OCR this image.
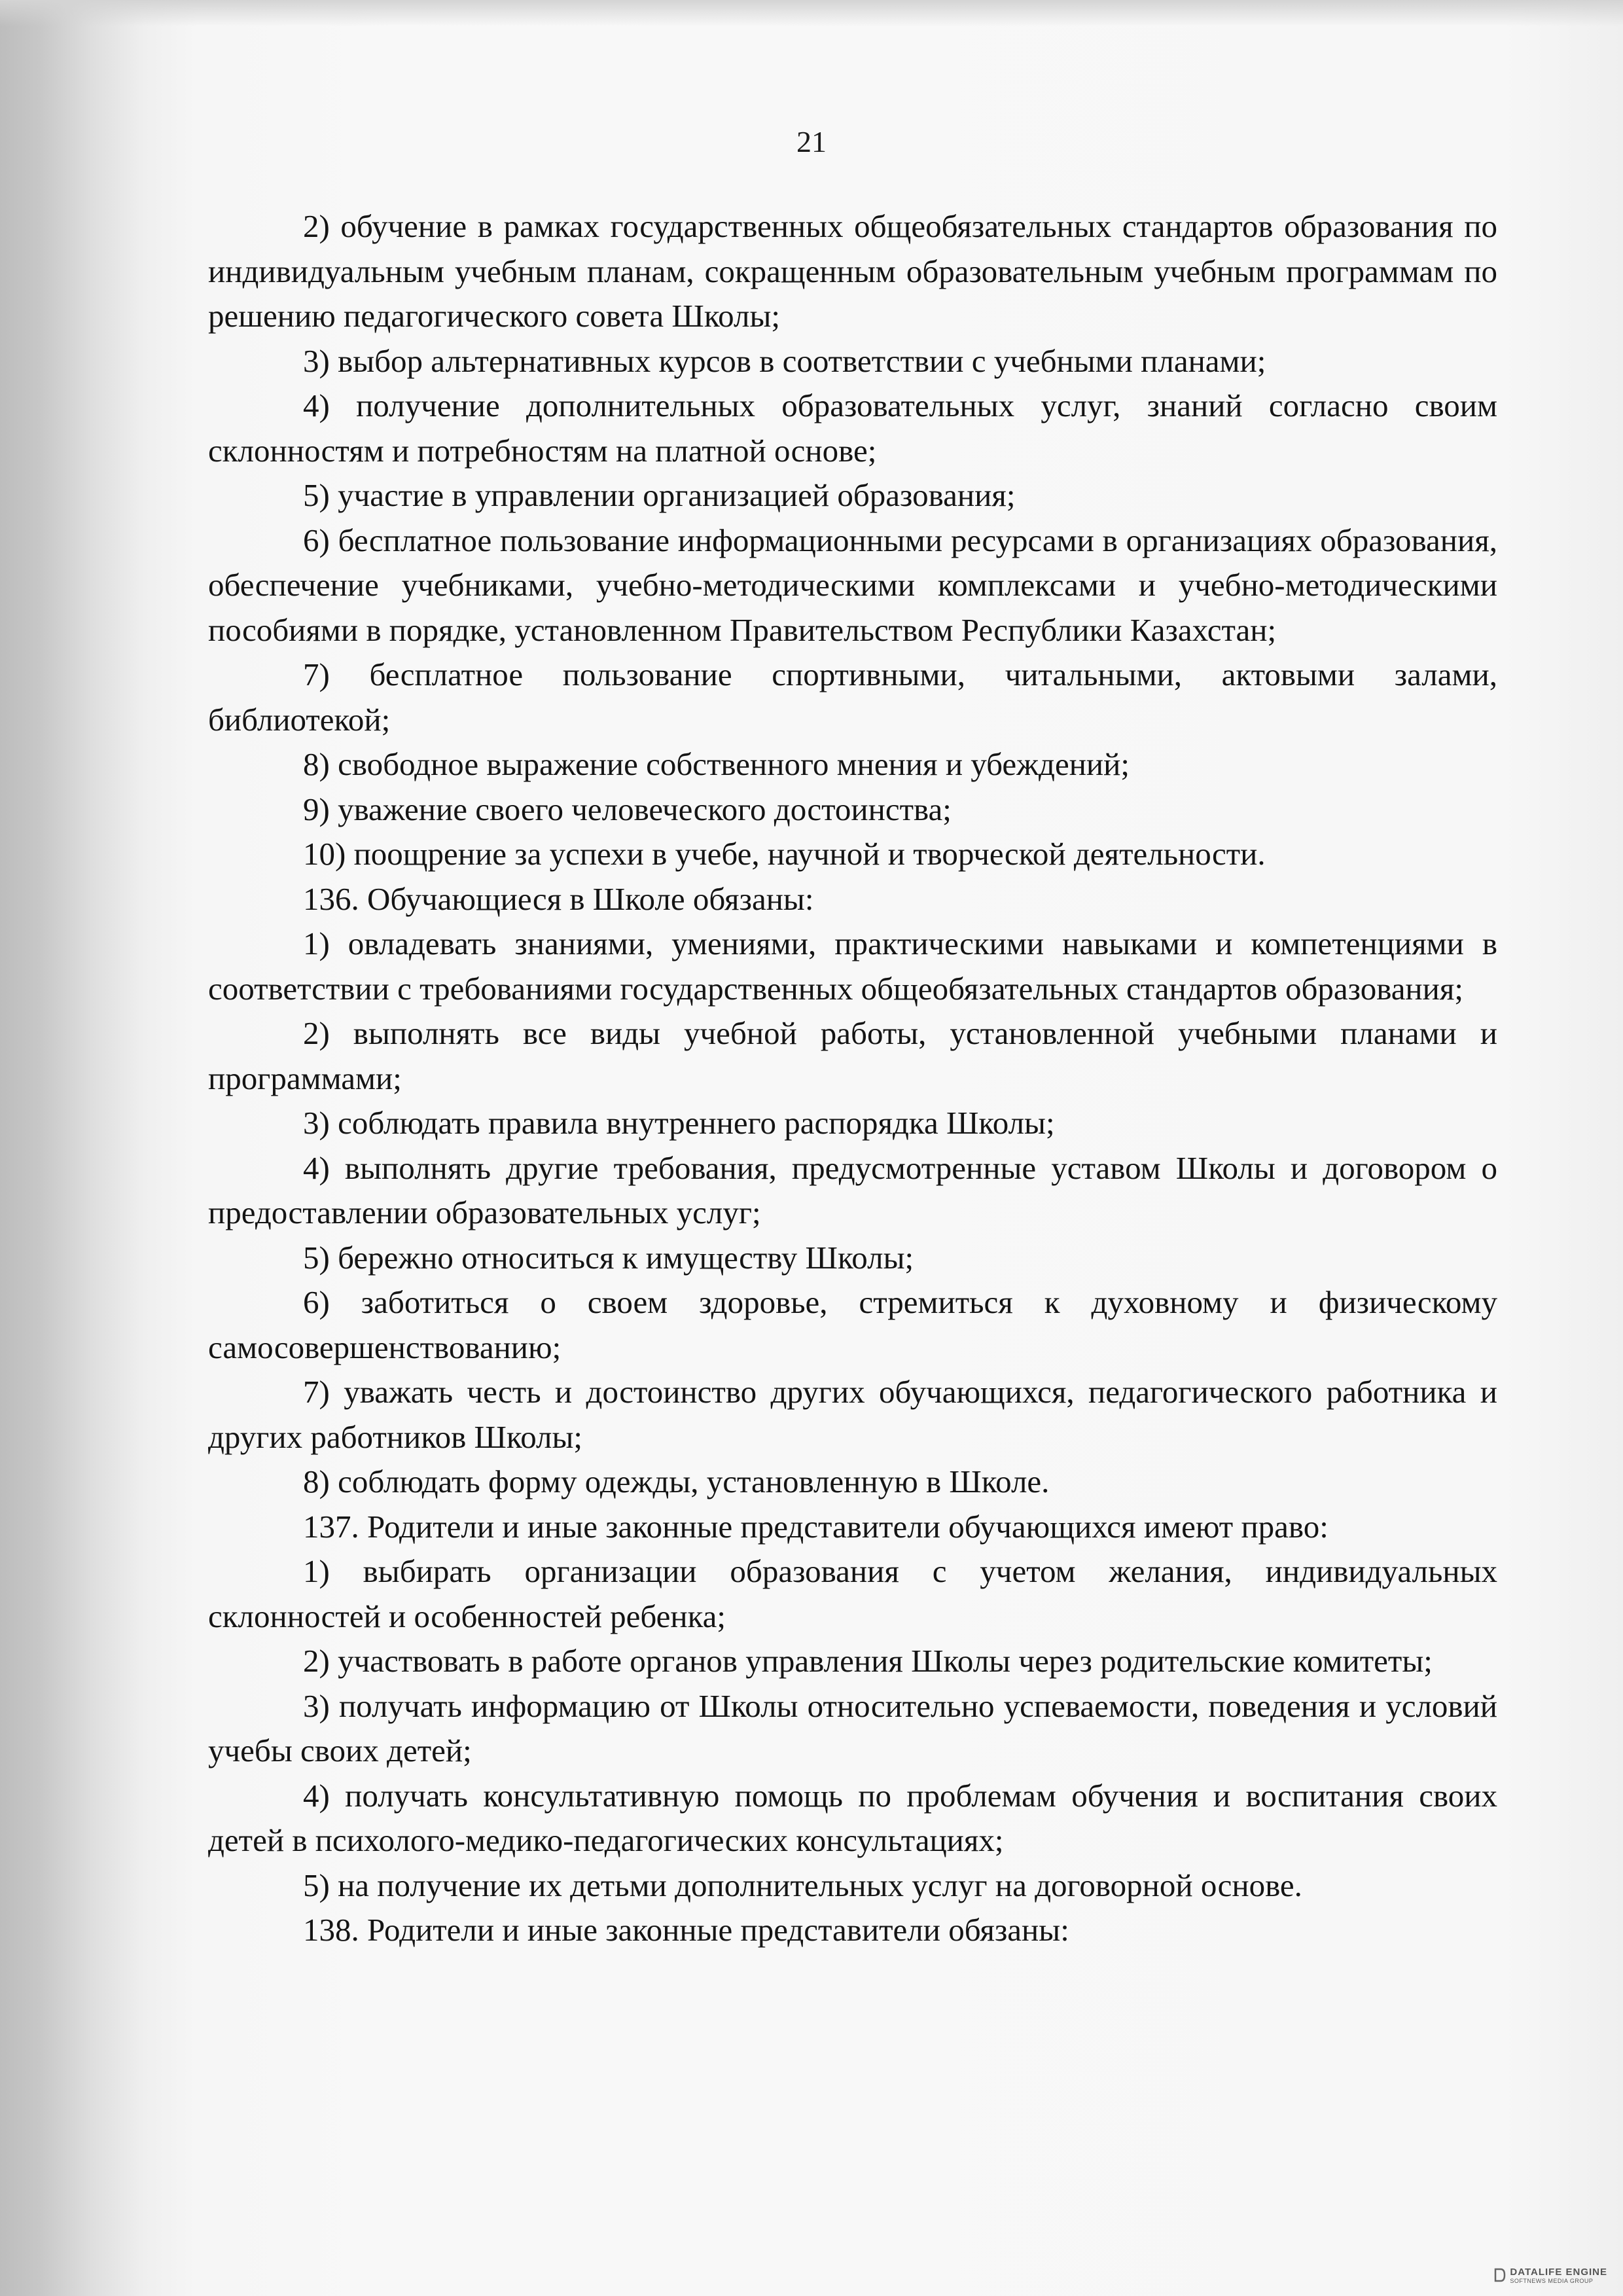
21

2) обучение в рамках государственных общеобязательных стандартов образования по индивидуальным учебным планам, сокращенным образовательным учебным программам по решению педагогического совета Школы;

3) выбор альтернативных курсов в соответствии с учебными планами;

4) получение дополнительных образовательных услуг, знаний согласно своим склонностям и потребностям на платной основе;

5) участие в управлении организацией образования;

6) бесплатное пользование информационными ресурсами в организациях образования, обеспечение учебниками, учебно-методическими комплексами и учебно-методическими пособиями в порядке, установленном Правительством Республики Казахстан;

7) бесплатное пользование спортивными, читальными, актовыми залами, библиотекой;

8) свободное выражение собственного мнения и убеждений;

9) уважение своего человеческого достоинства;

10) поощрение за успехи в учебе, научной и творческой деятельности.

136. Обучающиеся в Школе обязаны:

1) овладевать знаниями, умениями, практическими навыками и компетенциями в соответствии с требованиями государственных общеобязательных стандартов образования;

2) выполнять все виды учебной работы, установленной учебными планами и программами;

3) соблюдать правила внутреннего распорядка Школы;

4) выполнять другие требования, предусмотренные уставом Школы и договором о предоставлении образовательных услуг;

5) бережно относиться к имуществу Школы;

6) заботиться о своем здоровье, стремиться к духовному и физическому самосовершенствованию;

7) уважать честь и достоинство других обучающихся, педагогического работника и других работников Школы;

8) соблюдать форму одежды, установленную в Школе.

137. Родители и иные законные представители обучающихся имеют право:

1) выбирать организации образования с учетом желания, индивидуальных склонностей и особенностей ребенка;

2) участвовать в работе органов управления Школы через родительские комитеты;

3) получать информацию от Школы относительно успеваемости, поведения и условий учебы своих детей;

4) получать консультативную помощь по проблемам обучения и воспитания своих детей в психолого-медико-педагогических консультациях;

5) на получение их детьми дополнительных услуг на договорной основе.

138. Родители и иные законные представители обязаны:

DATALIFE ENGINE
SOFTNEWS MEDIA GROUP
